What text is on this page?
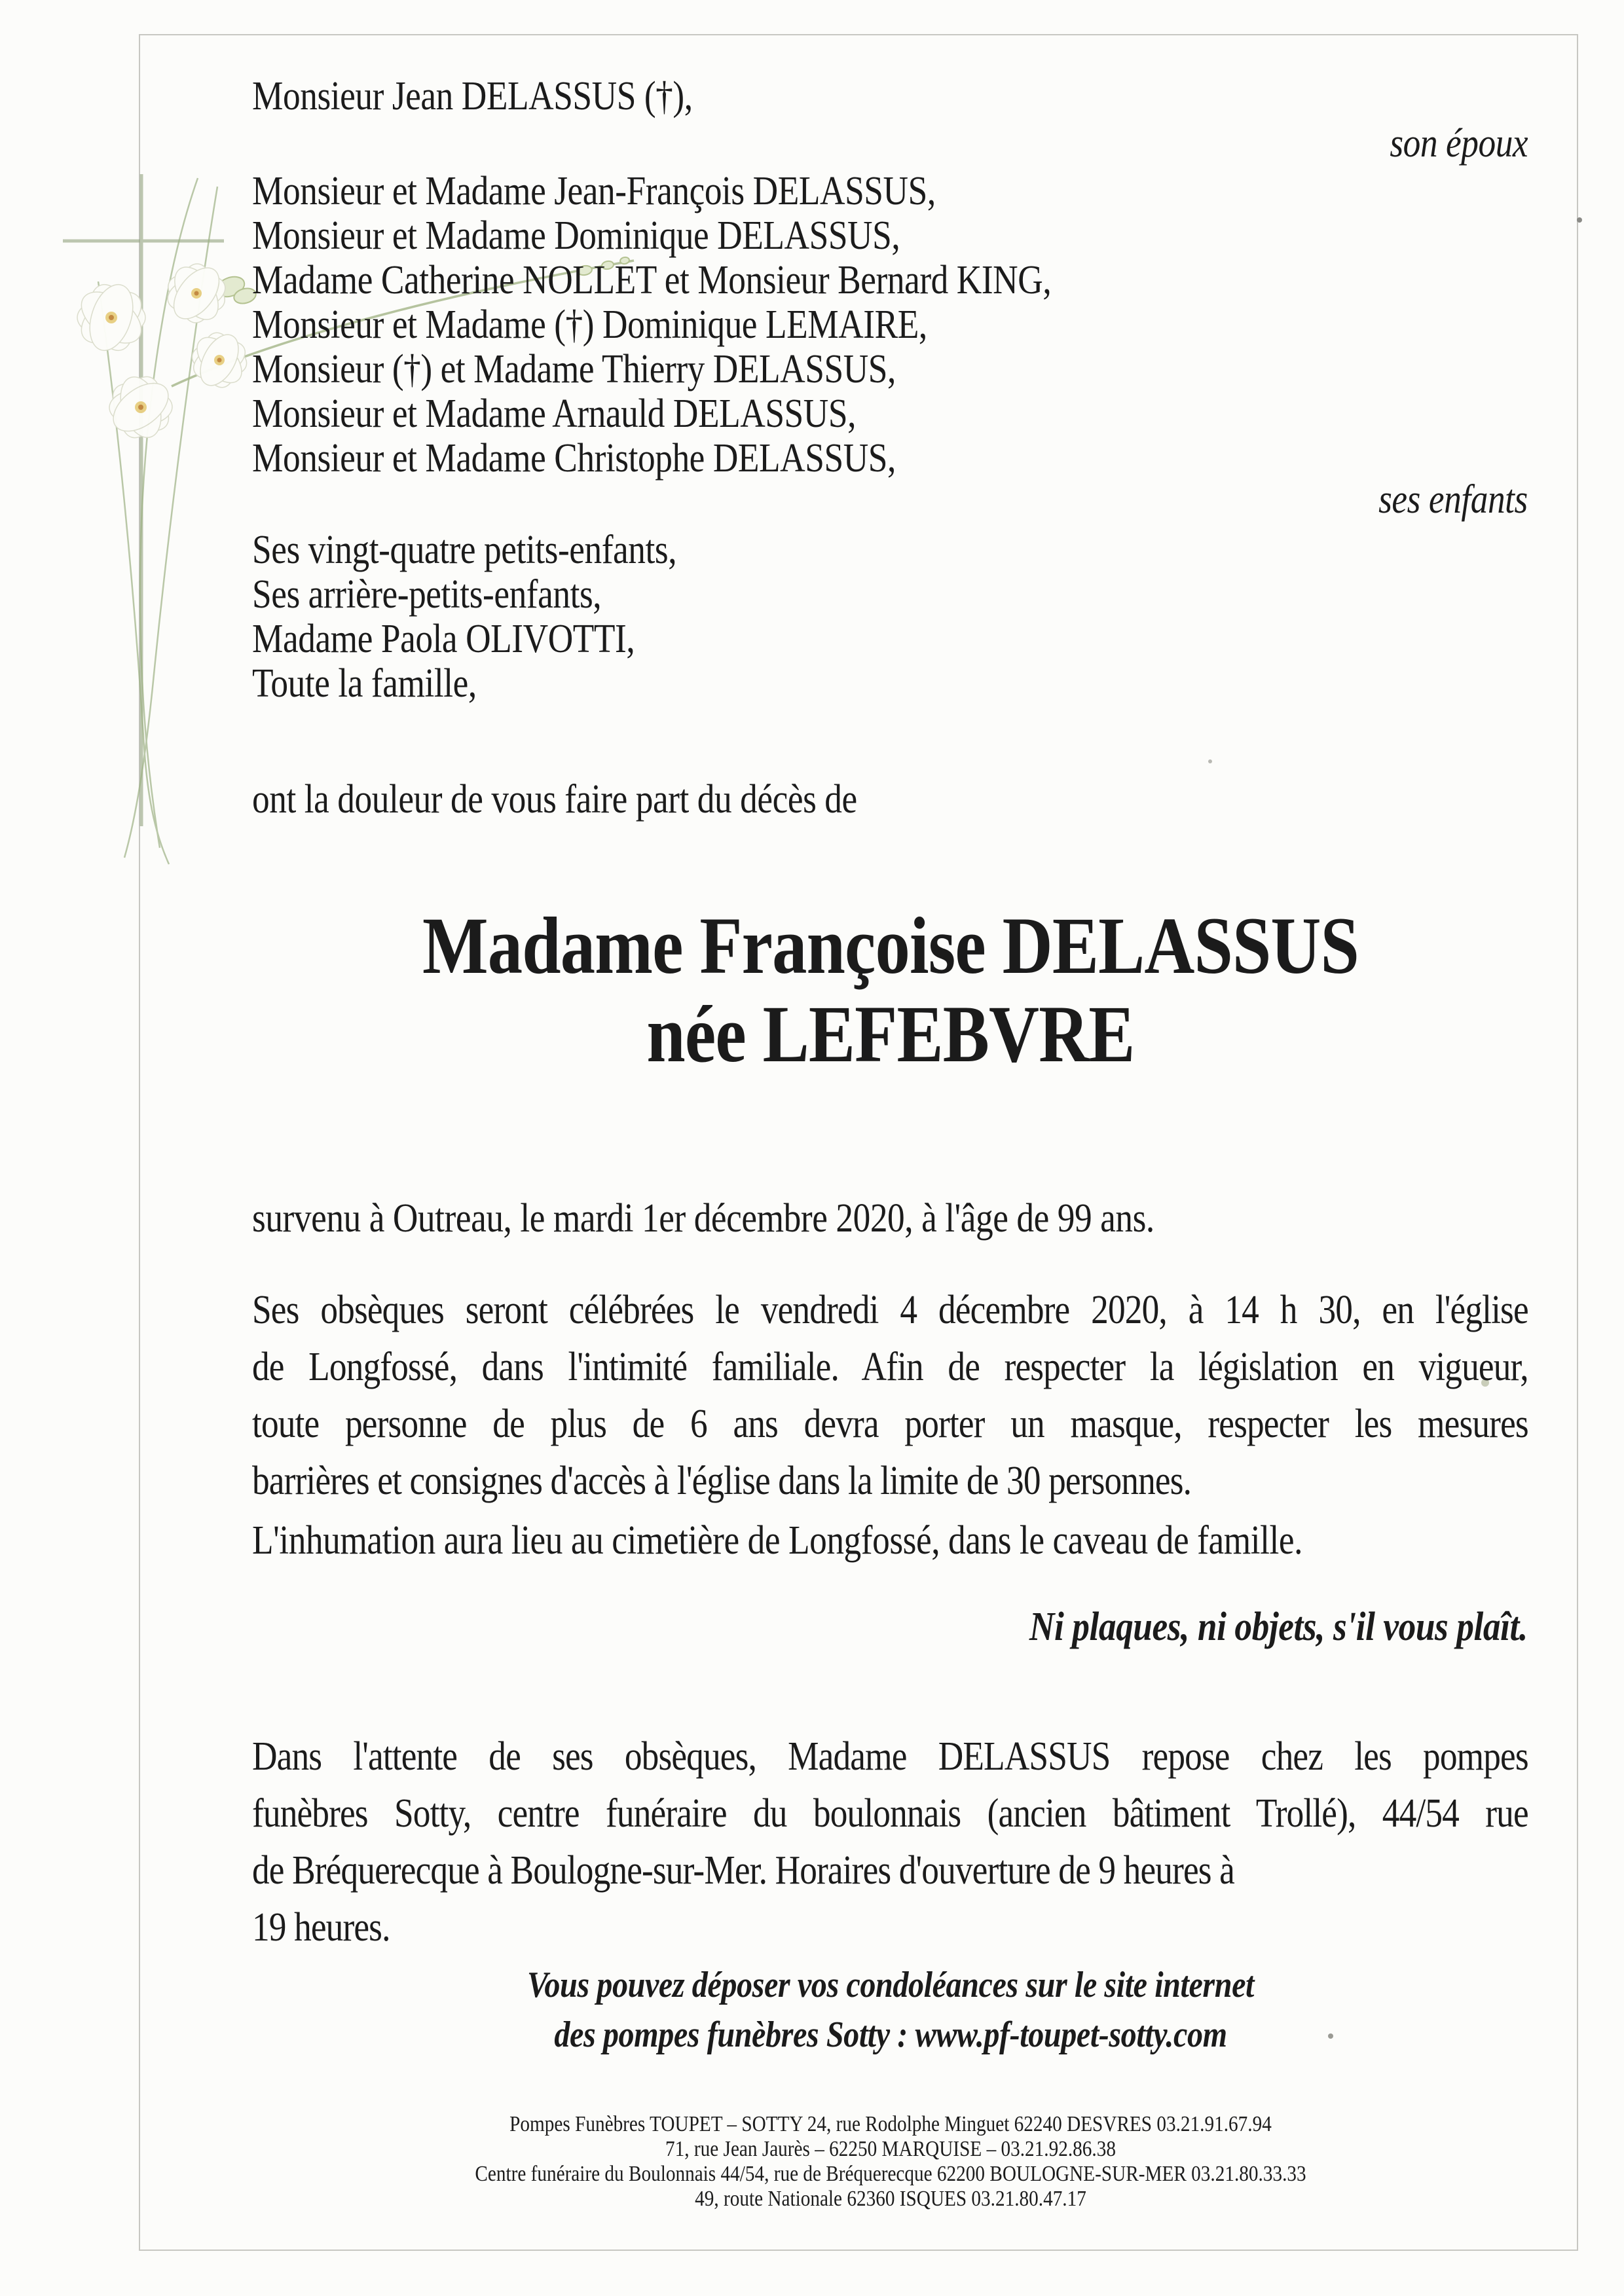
Monsieur Jean DELASSUS (†),
son époux
Monsieur et Madame Jean-François DELASSUS,
Monsieur et Madame Dominique DELASSUS,
Madame Catherine NOLLET et Monsieur Bernard KING,
Monsieur et Madame (†) Dominique LEMAIRE,
Monsieur (†) et Madame Thierry DELASSUS,
Monsieur et Madame Arnauld DELASSUS,
Monsieur et Madame Christophe DELASSUS,
ses enfants
Ses vingt-quatre petits-enfants,
Ses arrière-petits-enfants,
Madame Paola OLIVOTTI,
Toute la famille,
ont la douleur de vous faire part du décès de
Madame Françoise DELASSUS
née LEFEBVRE
survenu à Outreau, le mardi 1er décembre 2020, à l'âge de 99 ans.
Ses obsèques seront célébrées le vendredi 4 décembre 2020, à 14 h 30, en l'église
de Longfossé, dans l'intimité familiale. Afin de respecter la législation en vigueur,
toute personne de plus de 6 ans devra porter un masque, respecter les mesures
barrières et consignes d'accès à l'église dans la limite de 30 personnes.
L'inhumation aura lieu au cimetière de Longfossé, dans le caveau de famille.
Ni plaques, ni objets, s'il vous plaît.
Dans l'attente de ses obsèques, Madame DELASSUS repose chez les pompes
funèbres Sotty, centre funéraire du boulonnais (ancien bâtiment Trollé), 44/54 rue
de Bréquerecque à Boulogne-sur-Mer. Horaires d'ouverture de 9 heures à
19 heures.
Vous pouvez déposer vos condoléances sur le site internet
des pompes funèbres Sotty : www.pf-toupet-sotty.com
Pompes Funèbres TOUPET – SOTTY 24, rue Rodolphe Minguet 62240 DESVRES 03.21.91.67.94
71, rue Jean Jaurès – 62250 MARQUISE – 03.21.92.86.38
Centre funéraire du Boulonnais 44/54, rue de Bréquerecque 62200 BOULOGNE-SUR-MER 03.21.80.33.33
49, route Nationale 62360 ISQUES 03.21.80.47.17
